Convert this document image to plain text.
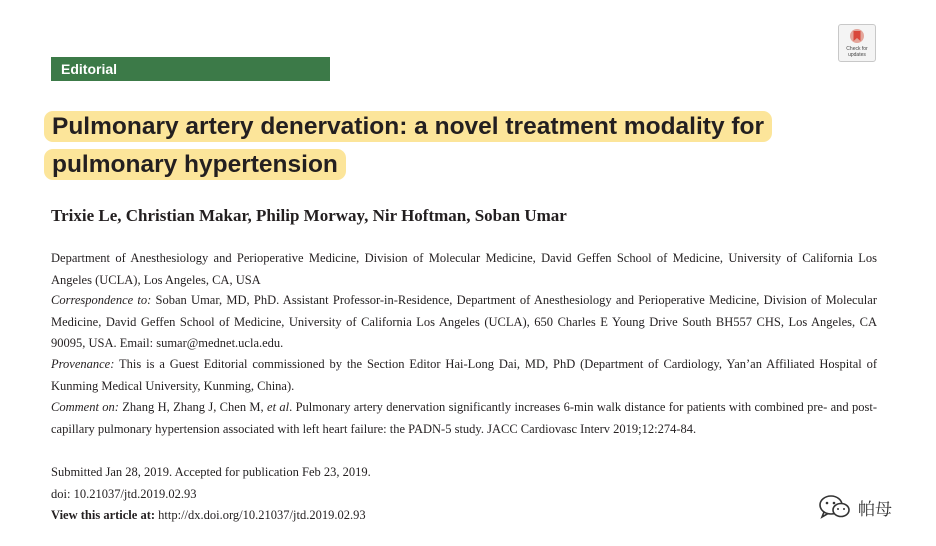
Editorial
Check for updates
Pulmonary artery denervation: a novel treatment modality for pulmonary hypertension
Trixie Le, Christian Makar, Philip Morway, Nir Hoftman, Soban Umar
Department of Anesthesiology and Perioperative Medicine, Division of Molecular Medicine, David Geffen School of Medicine, University of California Los Angeles (UCLA), Los Angeles, CA, USA
Correspondence to: Soban Umar, MD, PhD. Assistant Professor-in-Residence, Department of Anesthesiology and Perioperative Medicine, Division of Molecular Medicine, David Geffen School of Medicine, University of California Los Angeles (UCLA), 650 Charles E Young Drive South BH557 CHS, Los Angeles, CA 90095, USA. Email: sumar@mednet.ucla.edu.
Provenance: This is a Guest Editorial commissioned by the Section Editor Hai-Long Dai, MD, PhD (Department of Cardiology, Yan’an Affiliated Hospital of Kunming Medical University, Kunming, China).
Comment on: Zhang H, Zhang J, Chen M, et al. Pulmonary artery denervation significantly increases 6-min walk distance for patients with combined pre- and post-capillary pulmonary hypertension associated with left heart failure: the PADN-5 study. JACC Cardiovasc Interv 2019;12:274-84.
Submitted Jan 28, 2019. Accepted for publication Feb 23, 2019.
doi: 10.21037/jtd.2019.02.93
View this article at: http://dx.doi.org/10.21037/jtd.2019.02.93	帕母
